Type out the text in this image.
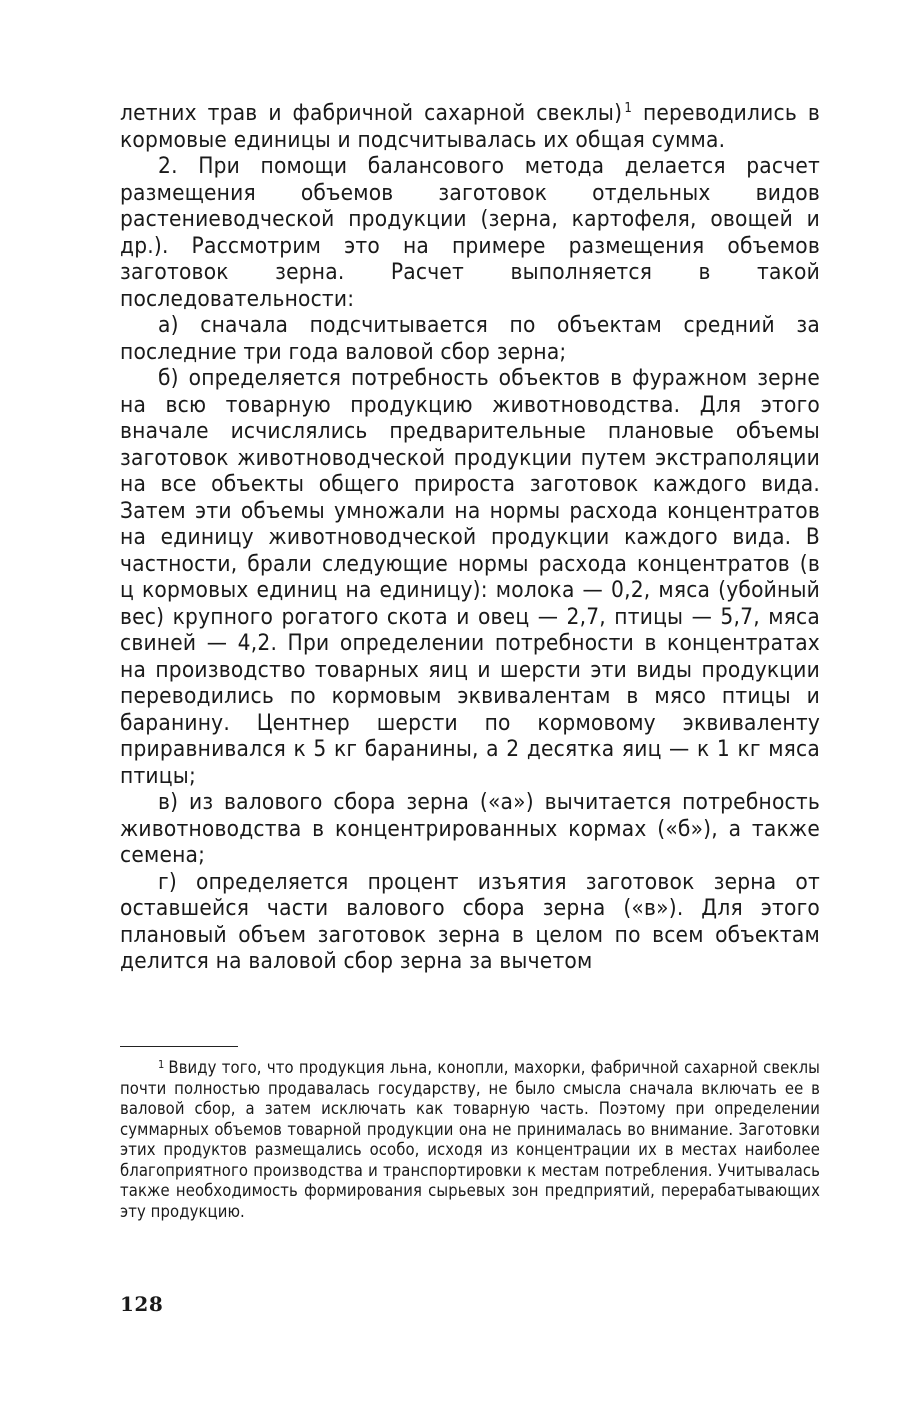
летних трав и фабричной сахарной свеклы)  $^1$ переводились в кормовые единицы и подсчитывалась их общая сумма.

2. При помощи балансового метода делается расчет размещения объемов заготовок отдельных видов растениеводческой продукции (зерна, картофеля, овощей и др.). Рассмотрим это на примере размещения объемов заготовок зерна. Расчет выполняется в такой последовательности:

а) сначала подсчитывается по объектам средний за последние три года валовой сбор зерна;

б) определяется потребность объектов в фуражном зерне на всю товарную продукцию животноводства. Для этого вначале исчислялись предварительные плановые объемы заготовок животноводческой продукции путем экстраполяции на все объекты общего прироста заготовок каждого вида. Затем эти объемы умножали на нормы расхода концентратов на единицу животноводческой продукции каждого вида. В частности, брали следующие нормы расхода концентратов (в ц кормовых единиц на единицу): молока — 0,2, мяса (убойный вес) крупного рогатого скота и овец — 2,7, птицы — 5,7, мяса свиней — 4,2. При определении потребности в концентратах на производство товарных яиц и шерсти эти виды продукции переводились по кормовым эквивалентам в мясо птицы и баранину. Центнер шерсти по кормовому эквиваленту приравнивался к 5 кг баранины, а 2 десятка яиц — к 1 кг мяса птицы;

в) из валового сбора зерна («а») вычитается потребность животноводства в концентрированных кормах («б»), а также семена;

г) определяется процент изъятия заготовок зерна от оставшейся части валового сбора зерна («в»). Для этого плановый объем заготовок зерна в целом по всем объектам делится на валовой сбор зерна за вычетом

$^1$ Ввиду того, что продукция льна, конопли, махорки, фабричной сахарной свеклы почти полностью продавалась государству, не было смысла сначала включать ее в валовой сбор, а затем исключать как товарную часть. Поэтому при определении суммарных объемов товарной продукции она не принималась во внимание. Заготовки этих продуктов размещались особо, исходя из концентрации их в местах наиболее благоприятного производства и транспортировки к местам потребления. Учитывалась также необходимость формирования сырьевых зон предприятий, перерабатывающих эту продукцию.

128
